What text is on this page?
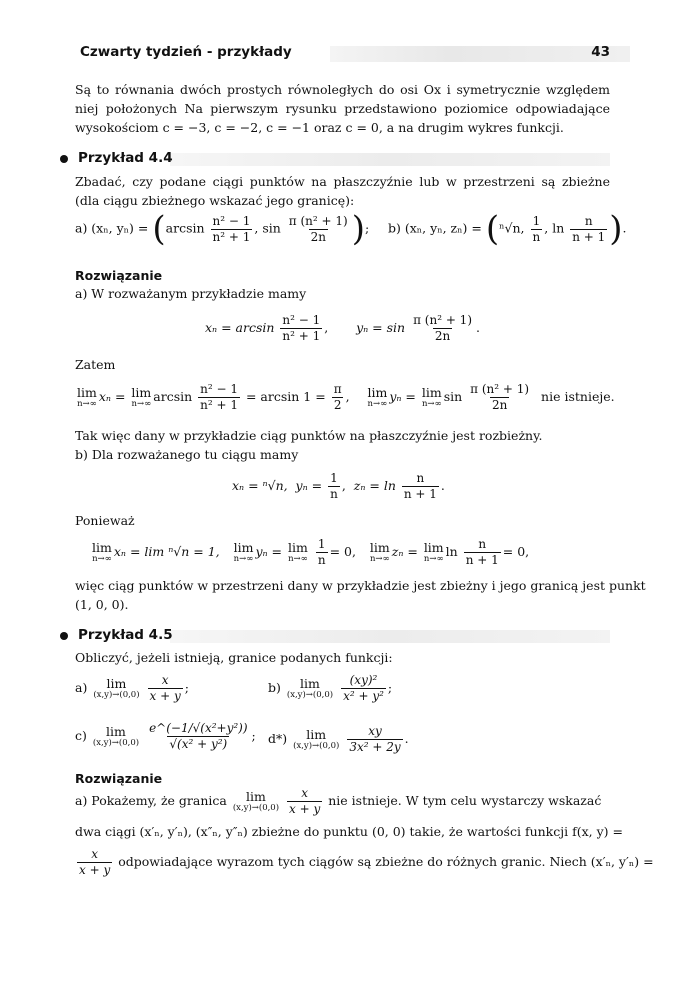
Czwarty tydzień - przykłady	43
Są to równania dwóch prostych równoległych do osi Ox i symetrycznie względem
niej położonych Na pierwszym rysunku przedstawiono poziomice odpowiadające
wysokościom c = −3, c = −2, c = −1 oraz c = 0, a na drugim wykres funkcji.
Przykład 4.4
Zbadać, czy podane ciągi punktów na płaszczyźnie lub w przestrzeni są zbieżne
(dla ciągu zbieżnego wskazać jego granicę):
a) (xₙ, $y_n) = (\arcsin \frac{\text{n² − 1}}{\text{n² + 1}}$ , $\sin \frac{\text{π (n² + 1)}}{2n}$ ); b) (xₙ, yₙ, zₙ) = (ⁿ√n, $\frac{1}{n}$ , $\ln \frac{n}{n + 1}$ ).
Rozwiązanie
a) W rozważanym przykładzie mamy
$x_n = \arcsin \frac{\text{n² − 1}}{\text{n² + 1}}$ ,       $y_n = \sin \frac{\text{π (n² + 1)}}{2n}$ .
Zatem
lim
n→∞ xₙ = lim
n→∞ $\arcsin \frac{\text{n² − 1}}{\text{n² + 1}} = \arcsin 1 = \frac{\pi}{2}$ , lim
n→∞ yₙ = lim
n→∞ $\sin \frac{\text{π (n² + 1)}}{2n}$ nie istnieje.
Tak więc dany w przykładzie ciąg punktów na płaszczyźnie jest rozbieżny.
b) Dla rozważanego tu ciągu mamy
xₙ = ⁿ√n, $y_n = \frac{1}{n}$ ,  $z_n = \ln \frac{n}{n + 1}$ .
Ponieważ
lim
n→∞ xₙ = lim ⁿ√n = 1, lim
n→∞ yₙ = lim
n→∞
$\frac{1}{n} = 0$, lim
n→∞ zₙ = lim
n→∞ $\ln \frac{n}{n + 1} = 0$,
więc ciąg punktów w przestrzeni dany w przykładzie jest zbieżny i jego granicą jest punkt
(1, 0, 0).
Przykład 4.5
Obliczyć, jeżeli istnieją, granice podanych funkcji:
a) lim
(x,y)→(0,0)
$\frac{x}{x + y}$ ;	b) lim
(x,y)→(0,0)
$\frac{\text{(xy)²}}{\text{x² + y²}}$ ;
c) lim
(x,y)→(0,0)
$\frac{\text{e\textasciicircum{}(−1/√(x²+y²))}}{\text{√(x² + y²)}}$ ; d*) lim
(x,y)→(0,0)
$\frac{xy}{\text{3x² + 2y}}$ .
Rozwiązanie
a) Pokażemy, że granica lim
(x,y)→(0,0)
$\frac{x}{x + y}$ nie istnieje. W tym celu wystarczy wskazać
dwa ciągi (x′ₙ, y′ₙ), (x″ₙ, y″ₙ) zbieżne do punktu (0, 0) takie, że wartości funkcji f(x, y) =
$\frac{x}{x + y}$ odpowiadające wyrazom tych ciągów są zbieżne do różnych granic. Niech (x′ₙ, y′ₙ) =
